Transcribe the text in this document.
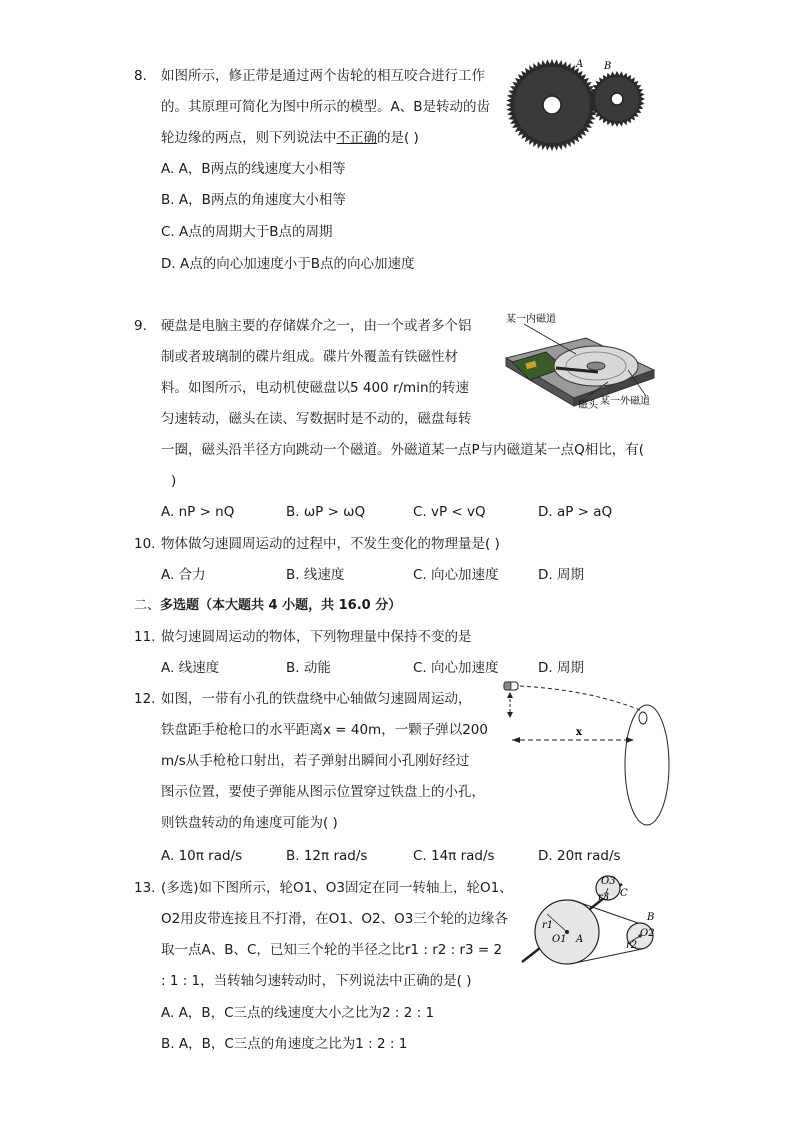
8. 如图所示，修正带是通过两个齿轮的相互咬合进行工作
的。其原理可简化为图中所示的模型。A、B是转动的齿
轮边缘的两点，则下列说法中不正确的是( )
A. A，B两点的线速度大小相等
B. A，B两点的角速度大小相等
C. A点的周期大于B点的周期
D. A点的向心加速度小于B点的向心加速度
A B
9. 硬盘是电脑主要的存储媒介之一，由一个或者多个铝
制或者玻璃制的碟片组成。碟片外覆盖有铁磁性材
料。如图所示，电动机使磁盘以5 400 r/min的转速
匀速转动，磁头在读、写数据时是不动的，磁盘每转
一圈，磁头沿半径方向跳动一个磁道。外磁道某一点P与内磁道某一点Q相比，有(
)
A. nP > nQ	B. ωP > ωQ	C. vP < vQ	D. aP > aQ
某一内磁道
磁头 某一外磁道
10. 物体做匀速圆周运动的过程中，不发生变化的物理量是( )
A. 合力	B. 线速度	C. 向心加速度	D. 周期
二、多选题（本大题共 4 小题，共 16.0 分）
11. 做匀速圆周运动的物体，下列物理量中保持不变的是
A. 线速度	B. 动能	C. 向心加速度	D. 周期
12. 如图，一带有小孔的铁盘绕中心轴做匀速圆周运动，
铁盘距手枪枪口的水平距离x = 40m，一颗子弹以200
m/s从手枪枪口射出，若子弹射出瞬间小孔刚好经过
图示位置，要使子弹能从图示位置穿过铁盘上的小孔，
则铁盘转动的角速度可能为( )
A. 10π rad/s	B. 12π rad/s	C. 14π rad/s	D. 20π rad/s
x
13. (多选)如下图所示，轮O1、O3固定在同一转轴上，轮O1、
O2用皮带连接且不打滑，在O1、O2、O3三个轮的边缘各
取一点A、B、C，已知三个轮的半径之比r1 : r2 : r3 = 2
: 1 : 1，当转轴匀速转动时，下列说法中正确的是( )
A. A，B，C三点的线速度大小之比为2 : 2 : 1
B. A，B，C三点的角速度之比为1 : 2 : 1
O3
r3 C
B
r1
O1 A
O2
r2
